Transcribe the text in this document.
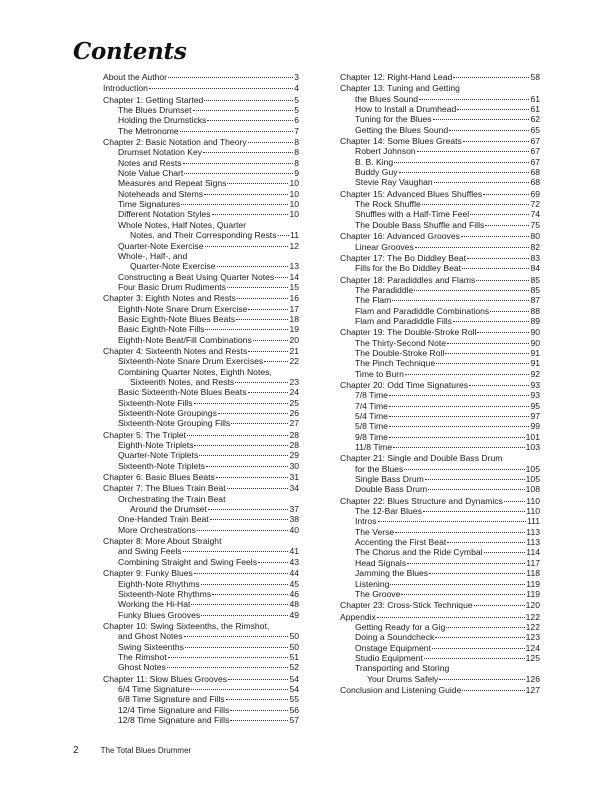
Contents
About the Author	3
Introduction	4
Chapter 1: Getting Started	5
The Blues Drumset	5
Holding the Drumsticks	6
The Metronome	7
Chapter 2: Basic Notation and Theory	8
Drumset Notation Key	8
Notes and Rests	8
Note Value Chart	9
Measures and Repeat Signs	10
Noteheads and Stems	10
Time Signatures	10
Different Notation Styles	10
Whole Notes, Half Notes, Quarter
Notes, and Their Corresponding Rests 11
Quarter-Note Exercise	12
Whole-, Half-, and
Quarter-Note Exercise	13
Constructing a Beat Using Quarter Notes 14
Four Basic Drum Rudiments	15
Chapter 3: Eighth Notes and Rests	16
Eighth-Note Snare Drum Exercise	17
Basic Eighth-Note Blues Beats	18
Basic Eighth-Note Fills	19
Eighth-Note Beat/Fill Combinations	20
Chapter 4: Sixteenth Notes and Rests	21
Sixteenth-Note Snare Drum Exercises	22
Combining Quarter Notes, Eighth Notes,
Sixteenth Notes, and Rests	23
Basic Sixteenth-Note Blues Beats	24
Sixteenth-Note Fills	25
Sixteenth-Note Groupings	26
Sixteenth-Note Grouping Fills	27
Chapter 5: The Triplet	28
Eighth-Note Triplets	28
Quarter-Note Triplets	29
Sixteenth-Note Triplets	30
Chapter 6: Basic Blues Beats	31
Chapter 7: The Blues Train Beat	34
Orchestrating the Train Beat
Around the Drumset	37
One-Handed Train Beat	38
More Orchestrations	40
Chapter 8: More About Straight
and Swing Feels	41
Combining Straight and Swing Feels	43
Chapter 9: Funky Blues	44
Eighth-Note Rhythms	45
Sixteenth-Note Rhythms	46
Working the Hi-Hat	48
Funky Blues Grooves	49
Chapter 10: Swing Sixteenths, the Rimshot,
and Ghost Notes	50
Swing Sixteenths	50
The Rimshot	51
Ghost Notes	52
Chapter 11: Slow Blues Grooves	54
6/4 Time Signature	54
6/8 Time Signature and Fills	55
12/4 Time Signature and Fills	56
12/8 Time Signature and Fills	57
Chapter 12: Right-Hand Lead	58
Chapter 13: Tuning and Getting
the Blues Sound	61
How to Install a Drumhead	61
Tuning for the Blues	62
Getting the Blues Sound	65
Chapter 14: Some Blues Greats	67
Robert Johnson	67
B. B. King	67
Buddy Guy	68
Stevie Ray Vaughan	68
Chapter 15: Advanced Blues Shuffles	69
The Rock Shuffle	72
Shuffles with a Half-Time Feel	74
The Double Bass Shuffle and Fills	75
Chapter 16: Advanced Grooves	80
Linear Grooves	82
Chapter 17: The Bo Diddley Beat	83
Fills for the Bo Diddley Beat	84
Chapter 18: Paradiddles and Flams	85
The Paradiddle	85
The Flam	87
Flam and Paradiddle Combinations	88
Flam and Paradiddle Fills	89
Chapter 19: The Double-Stroke Roll	90
The Thirty-Second Note	90
The Double-Stroke Roll	91
The Pinch Technique	91
Time to Burn	92
Chapter 20: Odd Time Signatures	93
7/8 Time	93
7/4 Time	95
5/4 Time	97
5/8 Time	99
9/8 Time	101
11/8 Time	103
Chapter 21: Single and Double Bass Drum
for the Blues	105
Single Bass Drum	105
Double Bass Drum	108
Chapter 22: Blues Structure and Dynamics	110
The 12-Bar Blues	110
Intros	111
The Verse	113
Accenting the First Beat	113
The Chorus and the Ride Cymbal	114
Head Signals	117
Jamming the Blues	118
Listening	119
The Groove	119
Chapter 23: Cross-Stick Technique	120
Appendix	122
Getting Ready for a Gig	122
Doing a Soundcheck	123
Onstage Equipment	124
Studio Equipment	125
Transporting and Storing
Your Drums Safely	126
Conclusion and Listening Guide	127
2	The Total Blues Drummer
